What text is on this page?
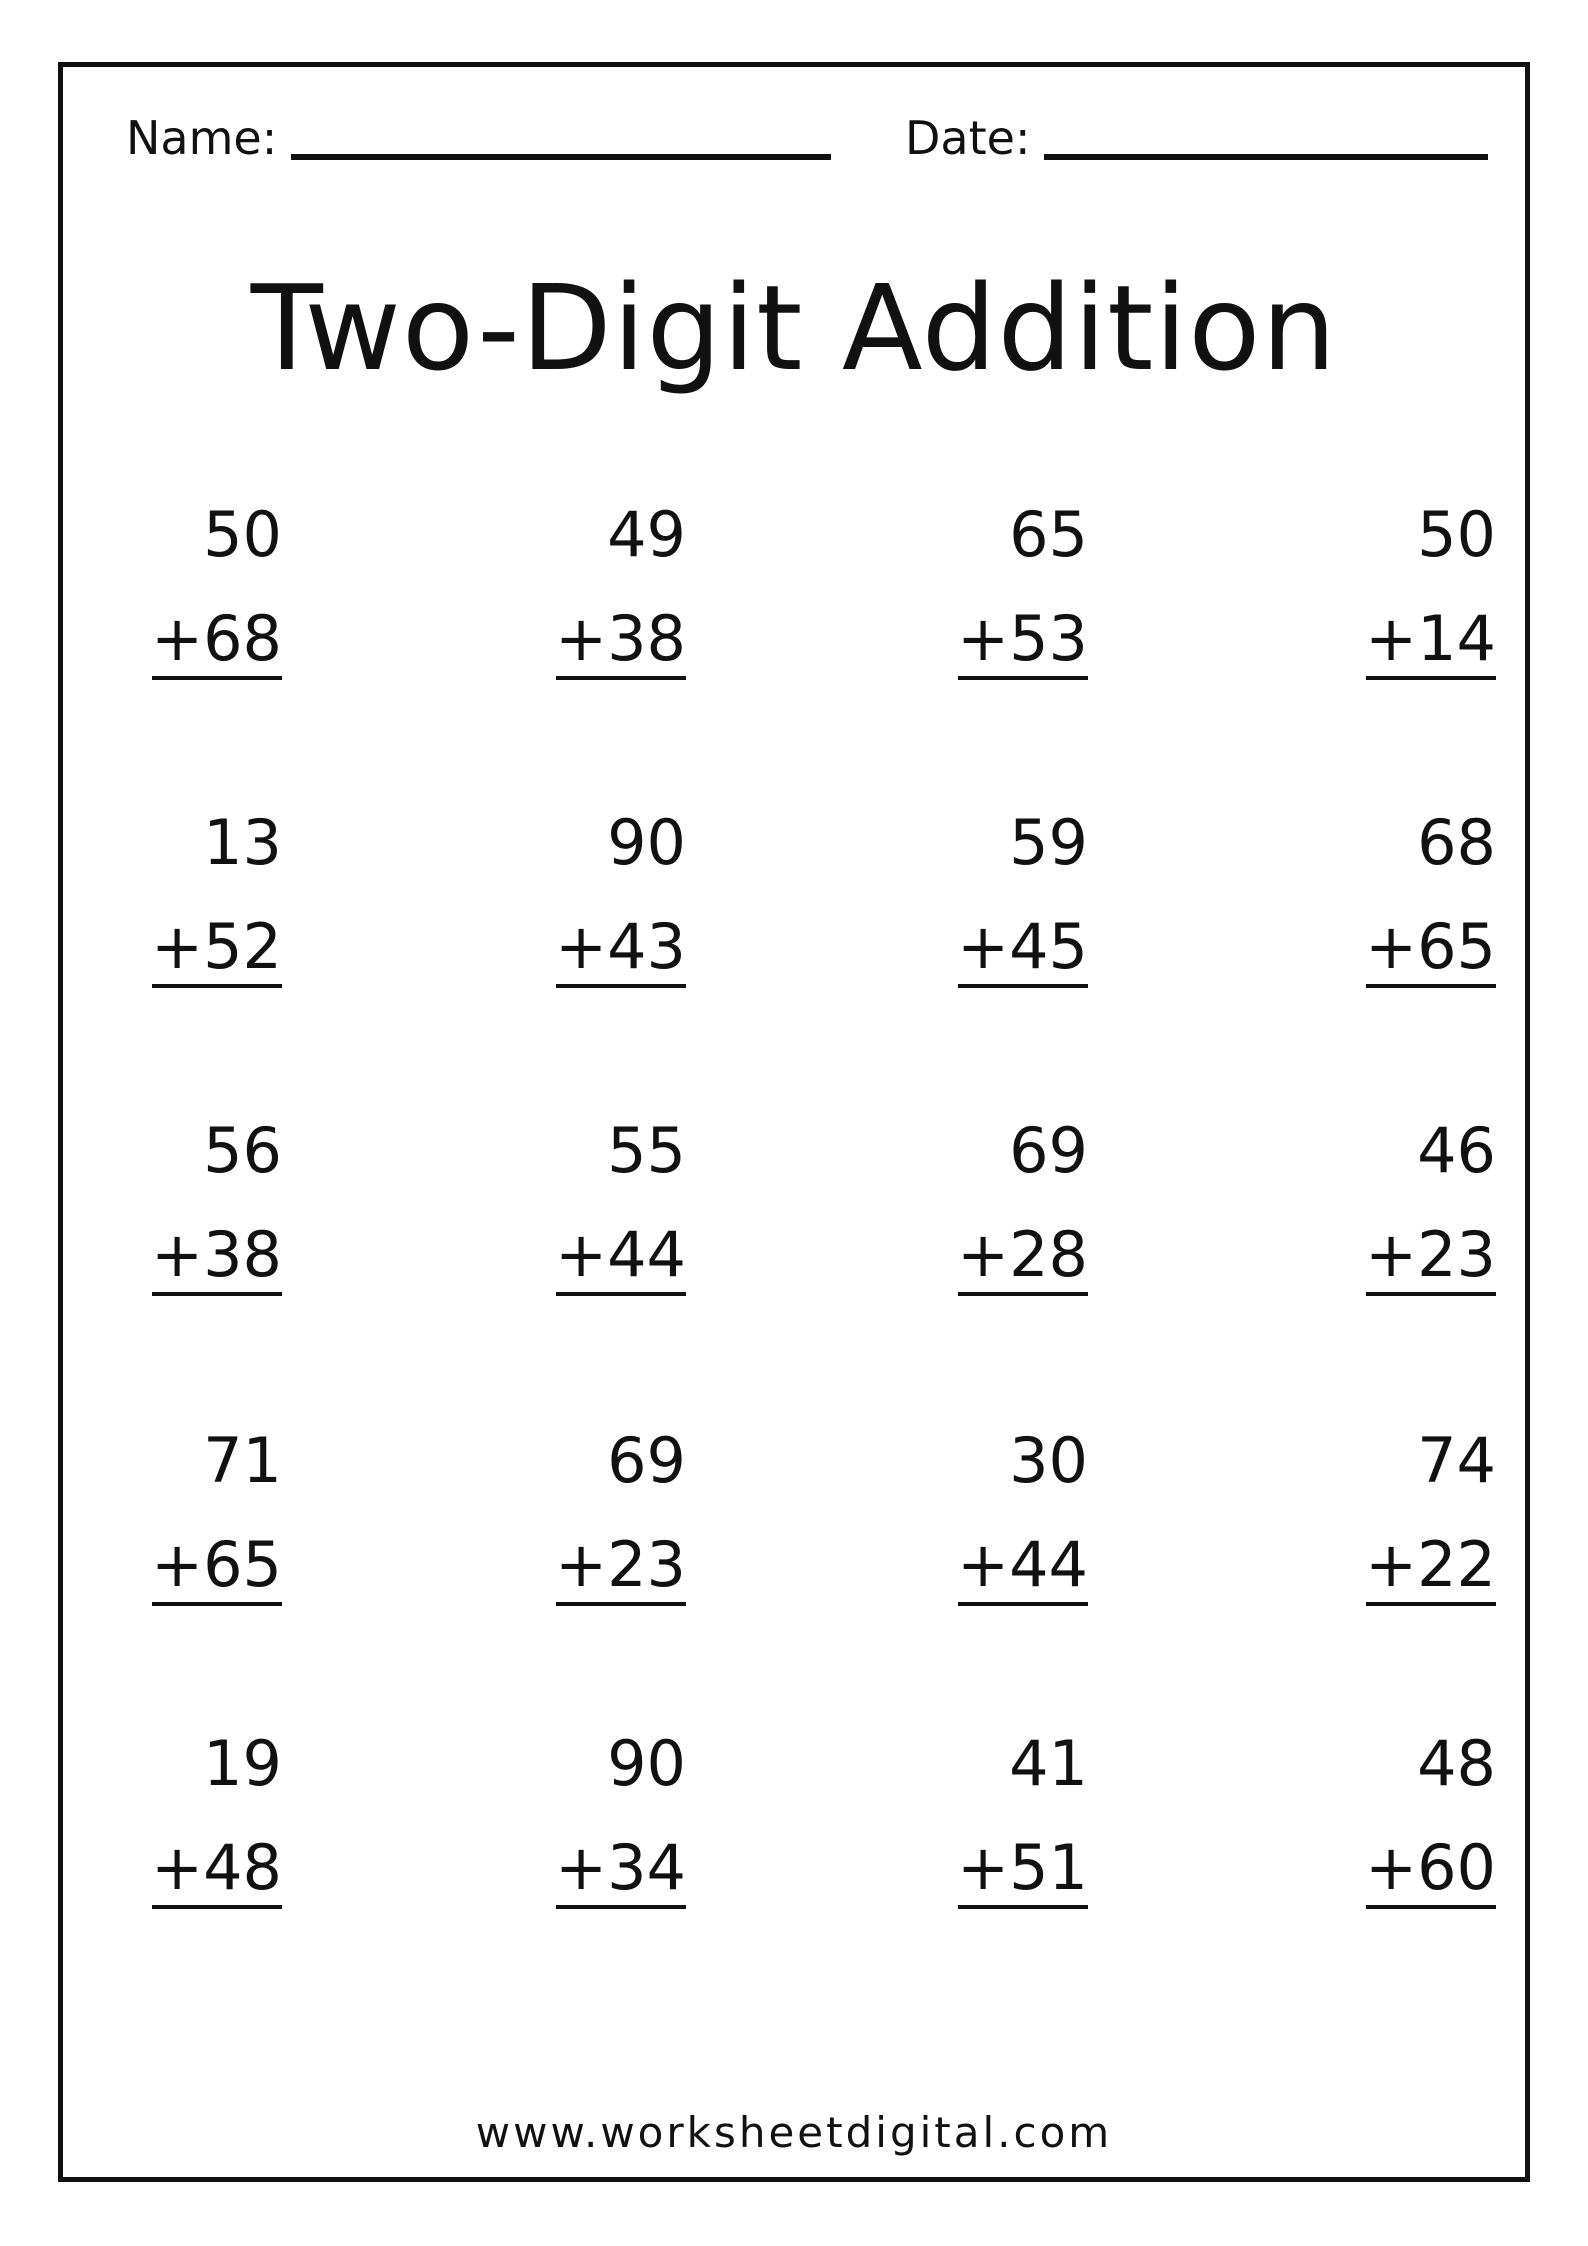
Name:	Date:
Two-Digit Addition
50
+68
49
+38
65
+53
50
+14
13
+52
90
+43
59
+45
68
+65
56
+38
55
+44
69
+28
46
+23
71
+65
69
+23
30
+44
74
+22
19
+48
90
+34
41
+51
48
+60
www.worksheetdigital.com
